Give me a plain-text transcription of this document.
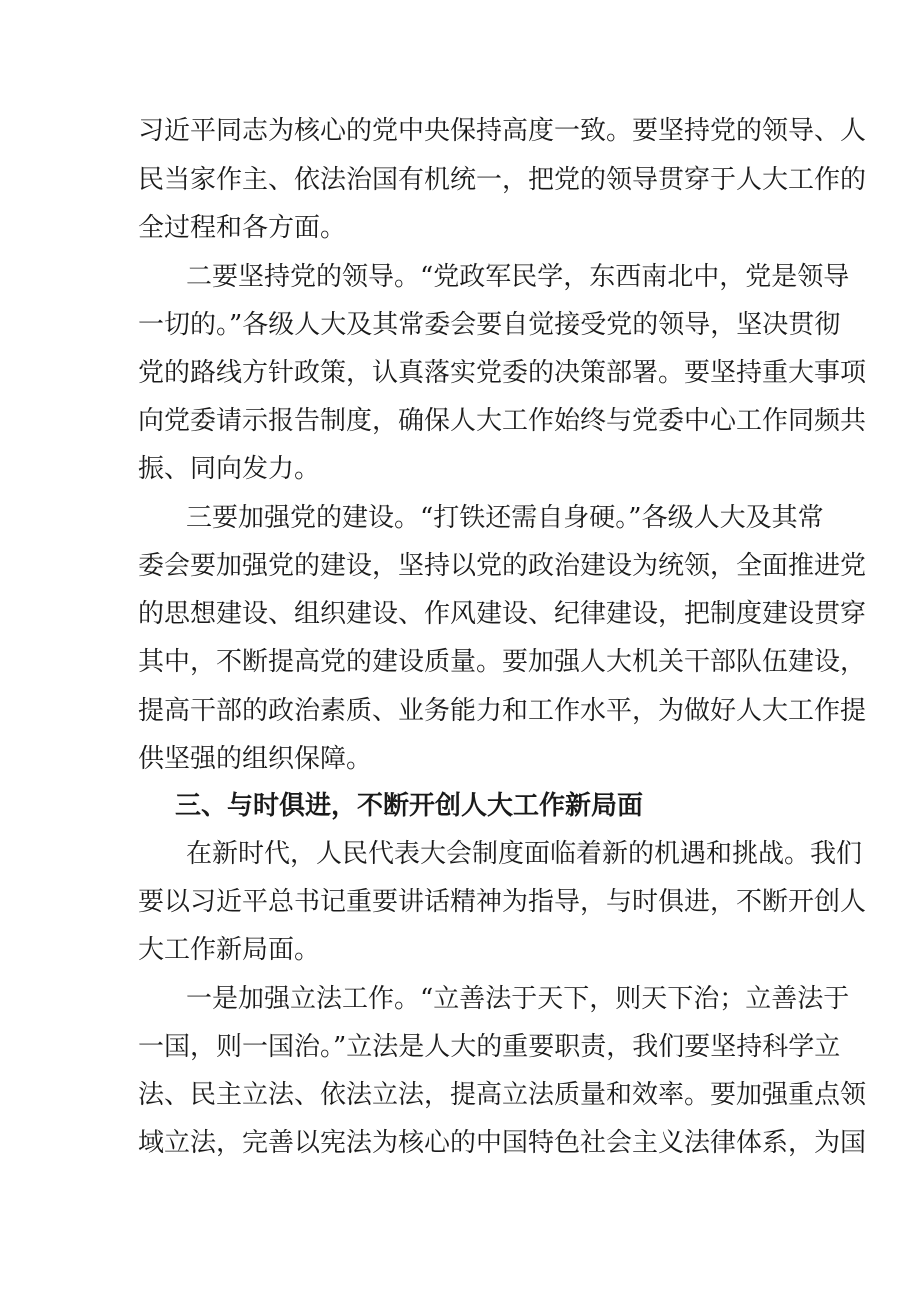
习近平同志为核心的党中央保持高度一致。要坚持党的领导、人
民当家作主、依法治国有机统一，把党的领导贯穿于人大工作的
全过程和各方面。
二要坚持党的领导。“党政军民学，东西南北中，党是领导
一切的。”各级人大及其常委会要自觉接受党的领导，坚决贯彻
党的路线方针政策，认真落实党委的决策部署。要坚持重大事项
向党委请示报告制度，确保人大工作始终与党委中心工作同频共
振、同向发力。
三要加强党的建设。“打铁还需自身硬。”各级人大及其常
委会要加强党的建设，坚持以党的政治建设为统领，全面推进党
的思想建设、组织建设、作风建设、纪律建设，把制度建设贯穿
其中，不断提高党的建设质量。要加强人大机关干部队伍建设，
提高干部的政治素质、业务能力和工作水平，为做好人大工作提
供坚强的组织保障。
三、与时俱进，不断开创人大工作新局面
在新时代，人民代表大会制度面临着新的机遇和挑战。我们
要以习近平总书记重要讲话精神为指导，与时俱进，不断开创人
大工作新局面。
一是加强立法工作。“立善法于天下，则天下治；立善法于
一国，则一国治。”立法是人大的重要职责，我们要坚持科学立
法、民主立法、依法立法，提高立法质量和效率。要加强重点领
域立法，完善以宪法为核心的中国特色社会主义法律体系，为国
